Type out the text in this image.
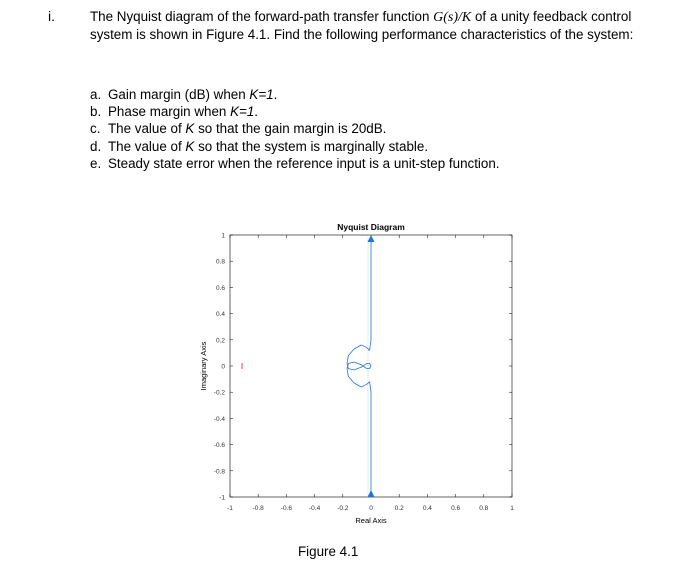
i.	The Nyquist diagram of the forward-path transfer function G(s)/K of a unity feedback control system is shown in Figure 4.1. Find the following performance characteristics of the system:
a. Gain margin (dB) when K=1.
b. Phase margin when K=1.
c. The value of K so that the gain margin is 20dB.
d. The value of K so that the system is marginally stable.
e. Steady state error when the reference input is a unit-step function.
Nyquist Diagram
Real Axis
Imaginary Axis
-1	-0.8	-0.6	-0.4	-0.2	0	0.2	0.4	0.6	0.8	1
1
0.8
0.6
0.4
0.2
0
-0.2
-0.4
-0.6
-0.8
-1
Figure 4.1
